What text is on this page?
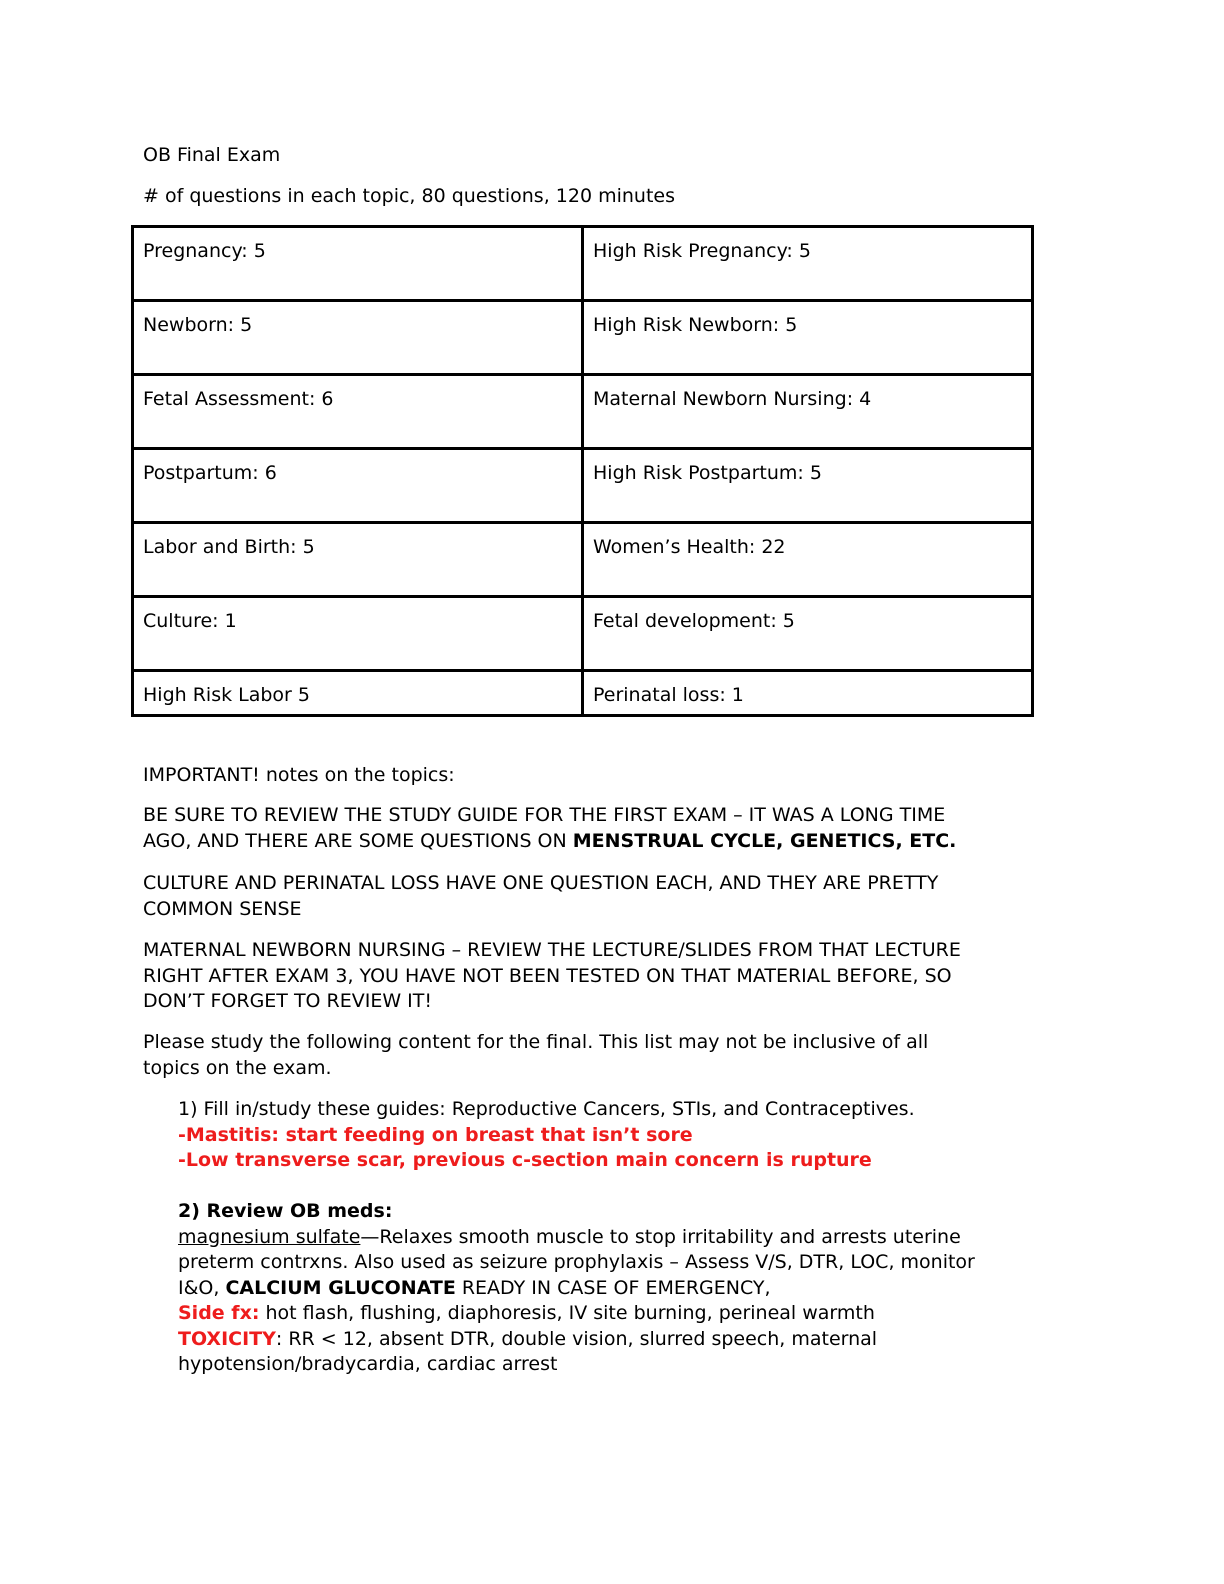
OB Final Exam
# of questions in each topic, 80 questions, 120 minutes
Pregnancy: 5	High Risk Pregnancy: 5
Newborn: 5	High Risk Newborn: 5
Fetal Assessment: 6	Maternal Newborn Nursing: 4
Postpartum: 6	High Risk Postpartum: 5
Labor and Birth: 5	Women’s Health: 22
Culture: 1	Fetal development: 5
High Risk Labor 5	Perinatal loss: 1
IMPORTANT! notes on the topics:
BE SURE TO REVIEW THE STUDY GUIDE FOR THE FIRST EXAM – IT WAS A LONG TIME
AGO, AND THERE ARE SOME QUESTIONS ON MENSTRUAL CYCLE, GENETICS, ETC.
CULTURE AND PERINATAL LOSS HAVE ONE QUESTION EACH, AND THEY ARE PRETTY
COMMON SENSE
MATERNAL NEWBORN NURSING – REVIEW THE LECTURE/SLIDES FROM THAT LECTURE
RIGHT AFTER EXAM 3, YOU HAVE NOT BEEN TESTED ON THAT MATERIAL BEFORE, SO
DON’T FORGET TO REVIEW IT!
Please study the following content for the final. This list may not be inclusive of all
topics on the exam.
1) Fill in/study these guides: Reproductive Cancers, STIs, and Contraceptives.
-Mastitis: start feeding on breast that isn’t sore
-Low transverse scar, previous c-section main concern is rupture
2) Review OB meds:
magnesium sulfate—Relaxes smooth muscle to stop irritability and arrests uterine
preterm contrxns. Also used as seizure prophylaxis – Assess V/S, DTR, LOC, monitor
I&O, CALCIUM GLUCONATE READY IN CASE OF EMERGENCY,
Side fx: hot flash, flushing, diaphoresis, IV site burning, perineal warmth
TOXICITY: RR < 12, absent DTR, double vision, slurred speech, maternal
hypotension/bradycardia, cardiac arrest
